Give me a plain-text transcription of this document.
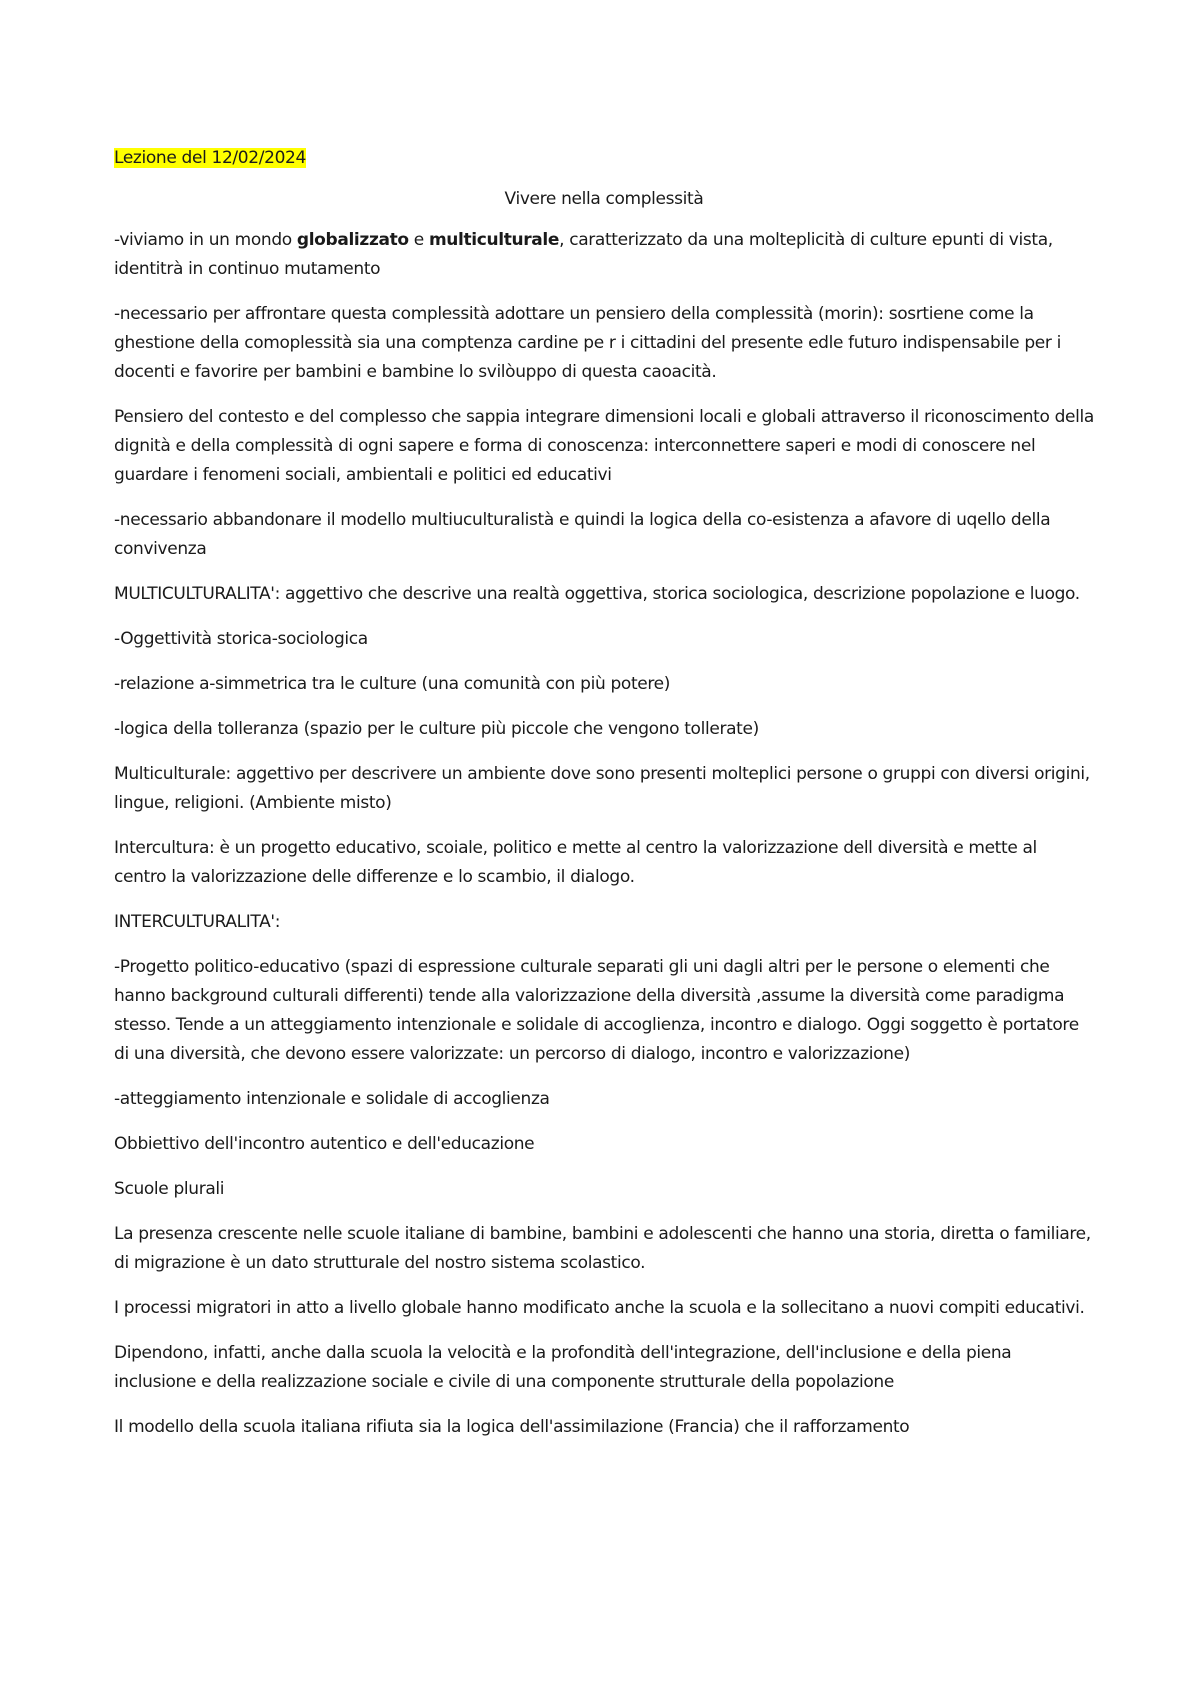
Lezione del 12/02/2024
Vivere nella complessità
-viviamo in un mondo globalizzato e multiculturale, caratterizzato da una molteplicità di culture epunti di vista, identitrà in continuo mutamento
-necessario per affrontare questa complessità adottare un pensiero della complessità (morin): sosrtiene come la ghestione della comoplessità sia una comptenza cardine pe r i cittadini del presente edle futuro indispensabile per i docenti e favorire per bambini e bambine lo svilòuppo di questa caoacità.
Pensiero del contesto e del complesso che sappia integrare dimensioni locali e globali attraverso il riconoscimento della dignità e della complessità di ogni sapere e forma di conoscenza: interconnettere saperi e modi di conoscere nel guardare i fenomeni sociali, ambientali e politici ed educativi
-necessario abbandonare il modello multiuculturalistà e quindi la logica della co-esistenza a afavore di uqello della convivenza
MULTICULTURALITA': aggettivo che descrive una realtà oggettiva, storica sociologica, descrizione popolazione e luogo.
-Oggettività storica-sociologica
-relazione a-simmetrica tra le culture (una comunità con più potere)
-logica della tolleranza (spazio per le culture più piccole che vengono tollerate)
Multiculturale: aggettivo per descrivere un ambiente dove sono presenti molteplici persone o gruppi con diversi origini, lingue, religioni. (Ambiente misto)
Intercultura: è un progetto educativo, scoiale, politico e mette al centro la valorizzazione dell diversità e mette al centro la valorizzazione delle differenze e lo scambio, il dialogo.
INTERCULTURALITA':
-Progetto politico-educativo (spazi di espressione culturale separati gli uni dagli altri per le persone o elementi che hanno background culturali differenti) tende alla valorizzazione della diversità ,assume la diversità come paradigma stesso. Tende a un atteggiamento intenzionale e solidale di accoglienza, incontro e dialogo. Oggi soggetto è portatore di una diversità, che devono essere valorizzate: un percorso di dialogo, incontro e valorizzazione)
-atteggiamento intenzionale e solidale di accoglienza
Obbiettivo dell'incontro autentico e dell'educazione
Scuole plurali
La presenza crescente nelle scuole italiane di bambine, bambini e adolescenti che hanno una storia, diretta o familiare, di migrazione è un dato strutturale del nostro sistema scolastico.
I processi migratori in atto a livello globale hanno modificato anche la scuola e la sollecitano a nuovi compiti educativi.
Dipendono, infatti, anche dalla scuola la velocità e la profondità dell'integrazione, dell'inclusione e della piena inclusione e della realizzazione sociale e civile di una componente strutturale della popolazione
Il modello della scuola italiana rifiuta sia la logica dell'assimilazione (Francia) che il rafforzamento
